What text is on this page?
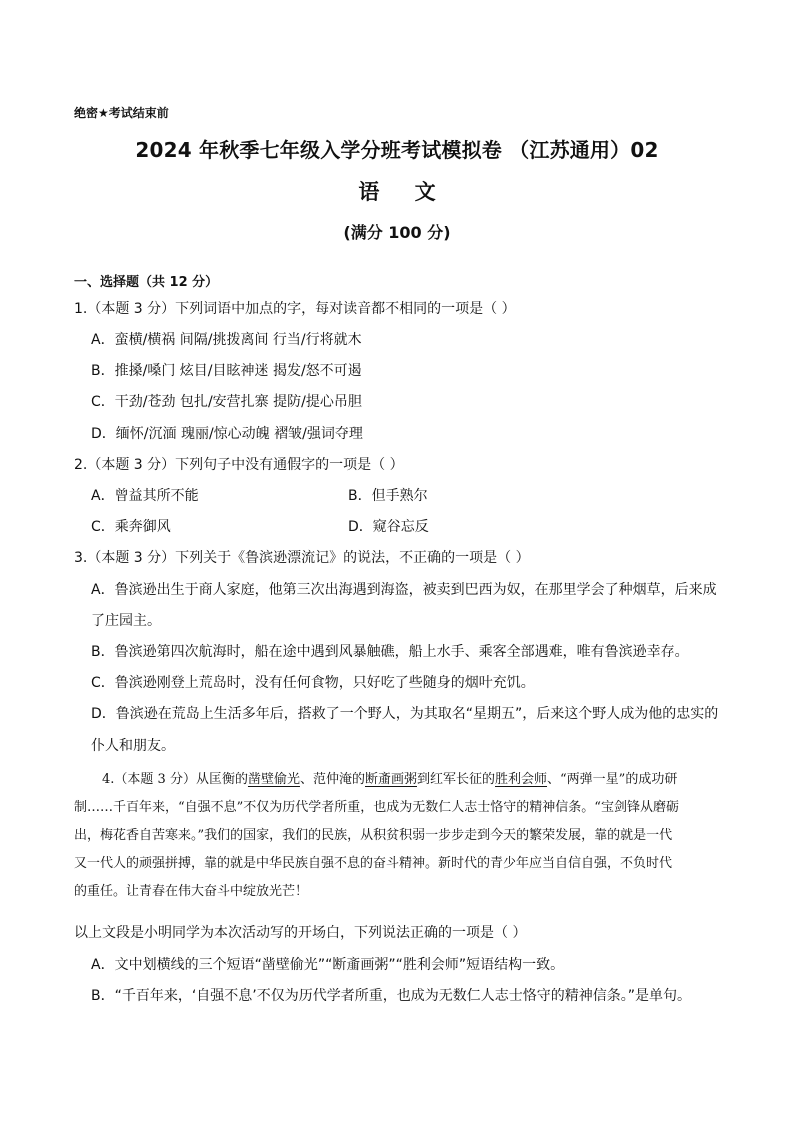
绝密★考试结束前
2024 年秋季七年级入学分班考试模拟卷 （江苏通用）02
语 文
(满分 100 分)
一、选择题（共 12 分）
1.（本题 3 分）下列词语中加点的字，每对读音都不相同的一项是（ ）
A．蛮横/横祸 间隔/挑拨离间 行当/行将就木
B．推搡/嗓门 炫目/目眩神迷 揭发/怒不可遏
C．干劲/苍劲 包扎/安营扎寨 提防/提心吊胆
D．缅怀/沉湎 瑰丽/惊心动魄 褶皱/强词夺理
2.（本题 3 分）下列句子中没有通假字的一项是（ ）
A．曾益其所不能	B．但手熟尔
C．乘奔御风	D．窥谷忘反
3.（本题 3 分）下列关于《鲁滨逊漂流记》的说法，不正确的一项是（ ）
A．鲁滨逊出生于商人家庭，他第三次出海遇到海盗，被卖到巴西为奴，在那里学会了种烟草，后来成
了庄园主。
B．鲁滨逊第四次航海时，船在途中遇到风暴触礁，船上水手、乘客全部遇难，唯有鲁滨逊幸存。
C．鲁滨逊刚登上荒岛时，没有任何食物，只好吃了些随身的烟叶充饥。
D．鲁滨逊在荒岛上生活多年后，搭救了一个野人，为其取名“星期五”，后来这个野人成为他的忠实的
仆人和朋友。
4.（本题 3 分）从匡衡的凿壁偷光、范仲淹的断齑画粥到红军长征的胜利会师、“两弹一星”的成功研
制……千百年来，“自强不息”不仅为历代学者所重，也成为无数仁人志士恪守的精神信条。“宝剑锋从磨砺
出，梅花香自苦寒来。”我们的国家，我们的民族，从积贫积弱一步步走到今天的繁荣发展，靠的就是一代
又一代人的顽强拼搏，靠的就是中华民族自强不息的奋斗精神。新时代的青少年应当自信自强，不负时代
的重任。让青春在伟大奋斗中绽放光芒！
以上文段是小明同学为本次活动写的开场白，下列说法正确的一项是（ ）
A．文中划横线的三个短语“凿壁偷光”“断齑画粥”“胜利会师”短语结构一致。
B．“千百年来，‘自强不息’不仅为历代学者所重，也成为无数仁人志士恪守的精神信条。”是单句。
